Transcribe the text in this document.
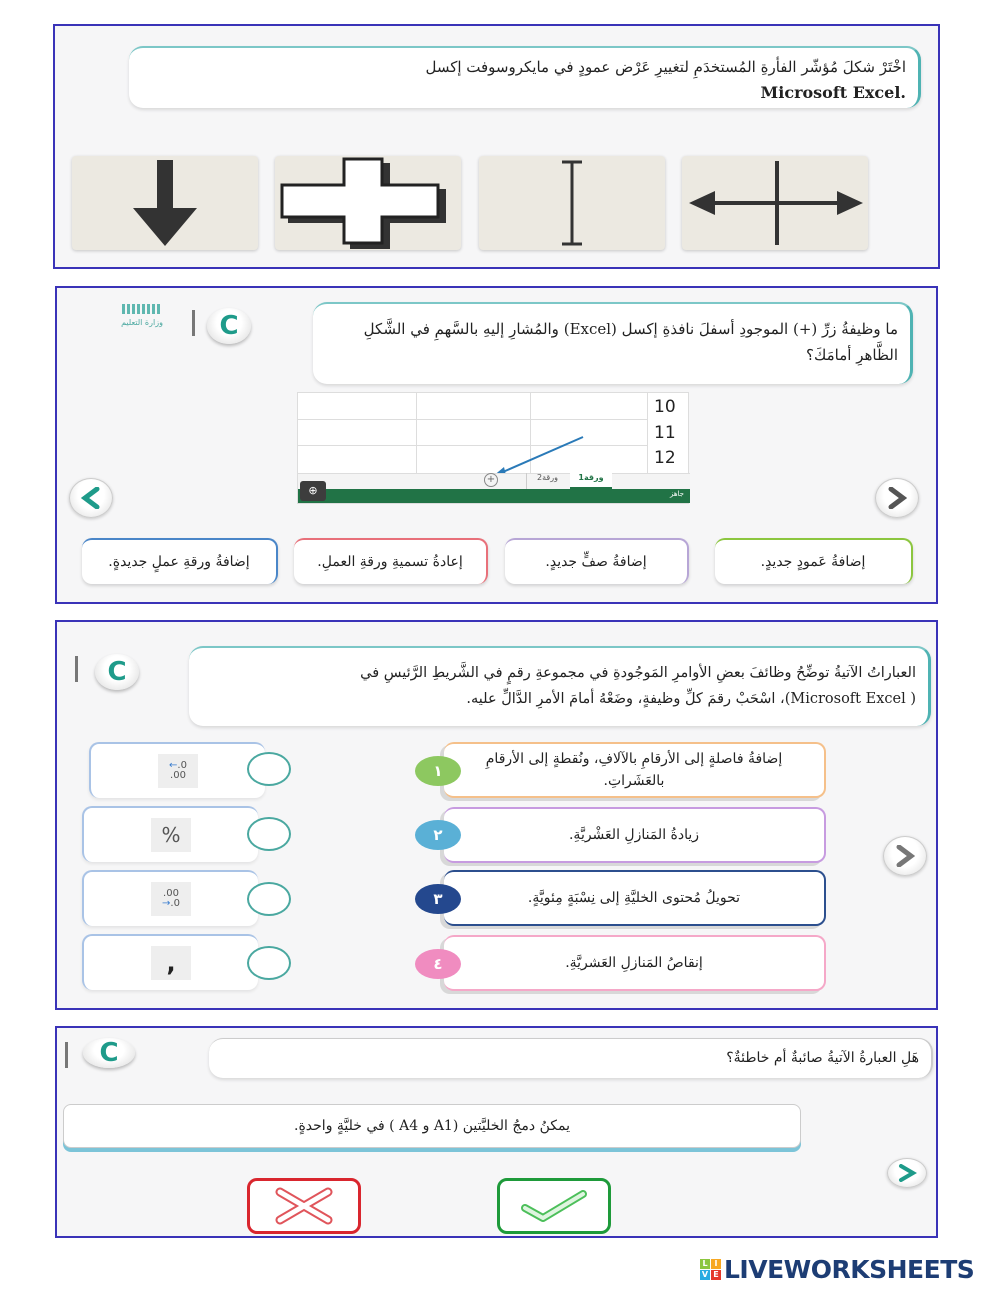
اخْتَرْ شكلَ مُؤشّر الفأرةِ المُستخدَمِ لتغييرِ عَرْض عمودٍ في مايكروسوفت إكسل
Microsoft Excel.
وزارة التعليم	C	ما وظيفةُ زرِّ (+) الموجودِ أسفلَ نافذةِ إكسل (Excel) والمُشارِ إليهِ بالسَّهمِ في الشَّكلِ
الظَّاهرِ أمامَكَ؟
10
11
12
+	ورقة2	ورقة1
جاهز
⊕
إضافةُ عَمودٍ جديدٍ.
إضافةُ صفٍّ جديدٍ.
إعادةُ تسميةِ ورقةِ العملِ.
إضافةُ ورقةِ عملٍ جديدةٍ.
C	العباراتُ الآتيةُ توضِّحُ وظائفَ بعضِ الأوامرِ المَوجُودةِ في مجموعةِ رقمٍ في الشَّريطِ الرَّئيسِ في
( Microsoft Excel)، اسْحَبْ رقمَ كلِّ وظيفةٍ، وضَعْهُ أمامَ الأمرِ الدَّالِّ عليه.
إضافةُ فاصلةٍ إلى الأرقامِ بالآلافِ، ونُقطةٍ إلى الأرقامِ بالعَشَراتِ.
١
زيادةُ المَنازلِ العَشْريَّةِ.
٢
تحويلُ مُحتوى الخليَّةِ إلى نِسْبَةٍ مِئويَّةٍ.
٣
إنقاصُ المَنازلِ العَشريَّةِ.
٤
←.0
.00
%
.00
→.0
,
C	هَلِ العبارةُ الآتيةُ صائبةٌ أم خاطئةٌ؟
يمكنُ دمجُ الخليَّتين (A1 و A4 ) في خليَّةٍ واحدةٍ.
L I
V E LIVEWORKSHEETS
